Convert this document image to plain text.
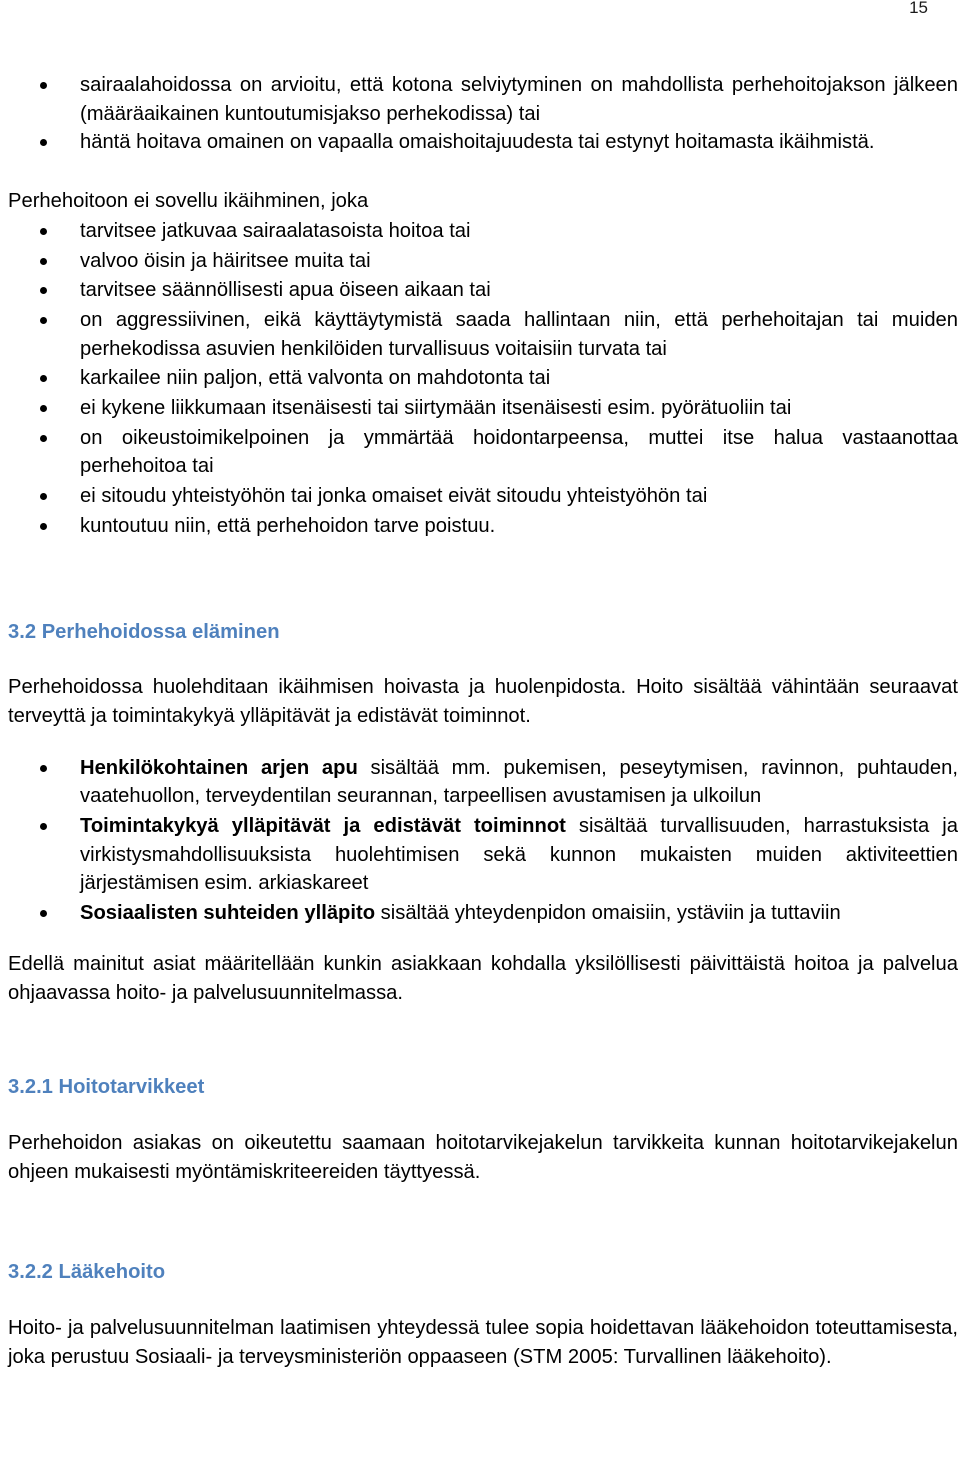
15
sairaalahoidossa on arvioitu, että kotona selviytyminen on mahdollista perhehoitojakson jälkeen (määräaikainen kuntoutumisjakso perhekodissa) tai
häntä hoitava omainen on vapaalla omaishoitajuudesta tai estynyt hoitamasta ikäihmistä.

Perhehoitoon ei sovellu ikäihminen, joka

tarvitsee jatkuvaa sairaalatasoista hoitoa tai
valvoo öisin ja häiritsee muita tai
tarvitsee säännöllisesti apua öiseen aikaan tai
on aggressiivinen, eikä käyttäytymistä saada hallintaan niin, että perhehoitajan tai muiden perhekodissa asuvien henkilöiden turvallisuus voitaisiin turvata tai
karkailee niin paljon, että valvonta on mahdotonta tai
ei kykene liikkumaan itsenäisesti tai siirtymään itsenäisesti esim. pyörätuoliin tai
on oikeustoimikelpoinen ja ymmärtää hoidontarpeensa, muttei itse halua vastaanottaa perhehoitoa tai
ei sitoudu yhteistyöhön tai jonka omaiset eivät sitoudu yhteistyöhön tai
kuntoutuu niin, että perhehoidon tarve poistuu.
3.2 Perhehoidossa eläminen

Perhehoidossa huolehditaan ikäihmisen hoivasta ja huolenpidosta. Hoito sisältää vähintään seuraavat terveyttä ja toimintakykyä ylläpitävät ja edistävät toiminnot.

Henkilökohtainen arjen apu sisältää mm. pukemisen, peseytymisen, ravinnon, puhtauden, vaatehuollon, terveydentilan seurannan, tarpeellisen avustamisen ja ulkoilun
Toimintakykyä ylläpitävät ja edistävät toiminnot sisältää turvallisuuden, harrastuksista ja virkistysmahdollisuuksista huolehtimisen sekä kunnon mukaisten muiden aktiviteettien järjestämisen esim. arkiaskareet
Sosiaalisten suhteiden ylläpito sisältää yhteydenpidon omaisiin, ystäviin ja tuttaviin

Edellä mainitut asiat määritellään kunkin asiakkaan kohdalla yksilöllisesti päivittäistä hoitoa ja palvelua ohjaavassa hoito- ja palvelusuunnitelmassa.

3.2.1 Hoitotarvikkeet

Perhehoidon asiakas on oikeutettu saamaan hoitotarvikejakelun tarvikkeita kunnan hoitotarvikejakelun ohjeen mukaisesti myöntämiskriteereiden täyttyessä.

3.2.2 Lääkehoito

Hoito- ja palvelusuunnitelman laatimisen yhteydessä tulee sopia hoidettavan lääkehoidon toteuttamisesta, joka perustuu Sosiaali- ja terveysministeriön oppaaseen (STM 2005: Turvallinen lääkehoito).
